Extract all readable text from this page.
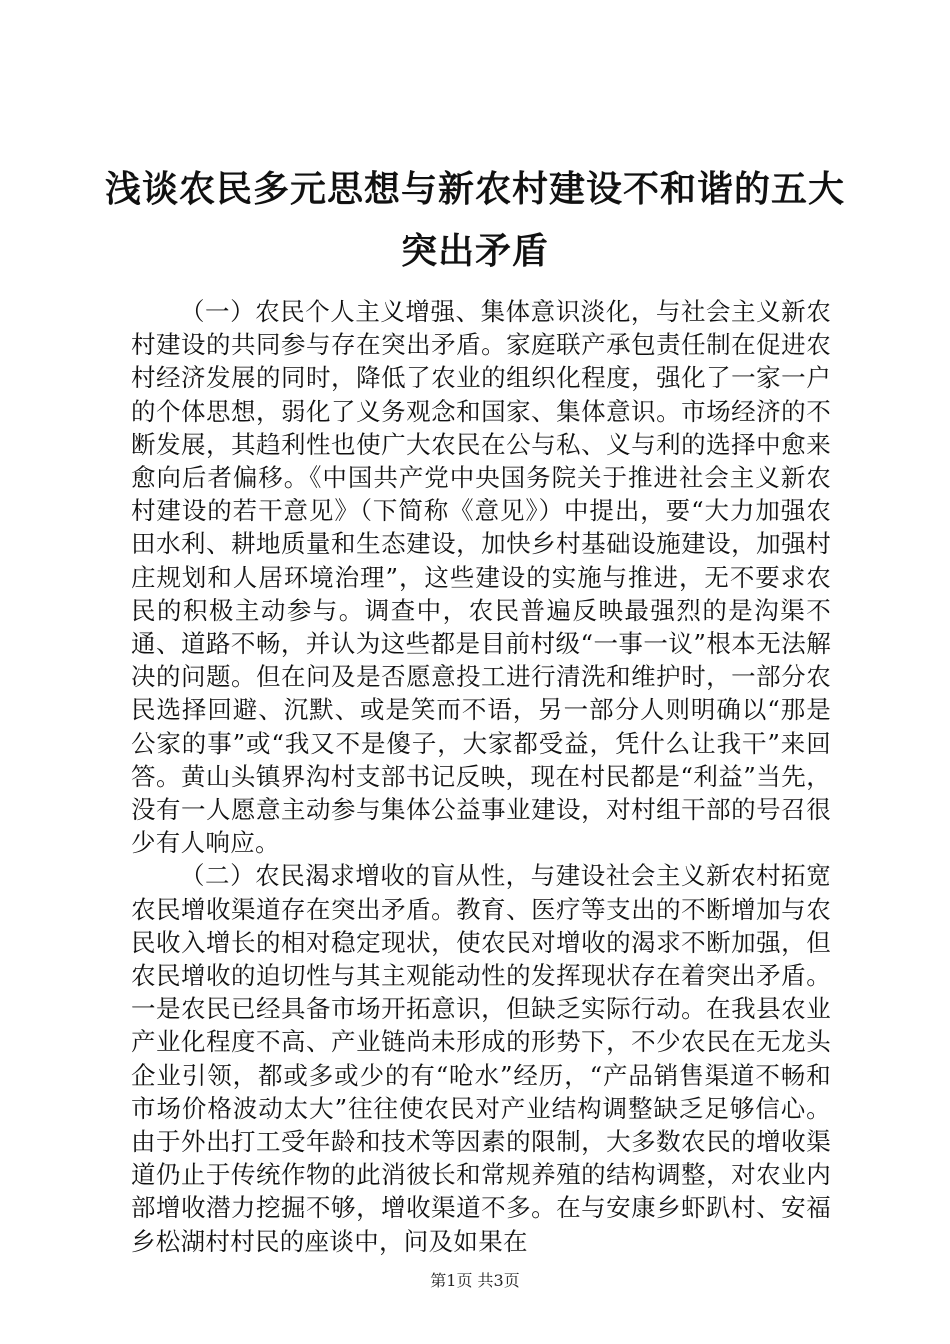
浅谈农民多元思想与新农村建设不和谐的五大突出矛盾

（一）农民个人主义增强、集体意识淡化，与社会主义新农村建设的共同参与存在突出矛盾。家庭联产承包责任制在促进农村经济发展的同时，降低了农业的组织化程度，强化了一家一户的个体思想，弱化了义务观念和国家、集体意识。市场经济的不断发展，其趋利性也使广大农民在公与私、义与利的选择中愈来愈向后者偏移。《中国共产党中央国务院关于推进社会主义新农村建设的若干意见》（下简称《意见》）中提出，要“大力加强农田水利、耕地质量和生态建设，加快乡村基础设施建设，加强村庄规划和人居环境治理”，这些建设的实施与推进，无不要求农民的积极主动参与。调查中，农民普遍反映最强烈的是沟渠不通、道路不畅，并认为这些都是目前村级“一事一议”根本无法解决的问题。但在问及是否愿意投工进行清洗和维护时，一部分农民选择回避、沉默、或是笑而不语，另一部分人则明确以“那是公家的事”或“我又不是傻子，大家都受益，凭什么让我干”来回答。黄山头镇界沟村支部书记反映，现在村民都是“利益”当先，没有一人愿意主动参与集体公益事业建设，对村组干部的号召很少有人响应。

（二）农民渴求增收的盲从性，与建设社会主义新农村拓宽农民增收渠道存在突出矛盾。教育、医疗等支出的不断增加与农民收入增长的相对稳定现状，使农民对增收的渴求不断加强，但农民增收的迫切性与其主观能动性的发挥现状存在着突出矛盾。一是农民已经具备市场开拓意识，但缺乏实际行动。在我县农业产业化程度不高、产业链尚未形成的形势下，不少农民在无龙头企业引领，都或多或少的有“呛水”经历，“产品销售渠道不畅和市场价格波动太大”往往使农民对产业结构调整缺乏足够信心。由于外出打工受年龄和技术等因素的限制，大多数农民的增收渠道仍止于传统作物的此消彼长和常规养殖的结构调整，对农业内部增收潜力挖掘不够，增收渠道不多。在与安康乡虾趴村、安福乡松湖村村民的座谈中，问及如果在

第1页 共3页
